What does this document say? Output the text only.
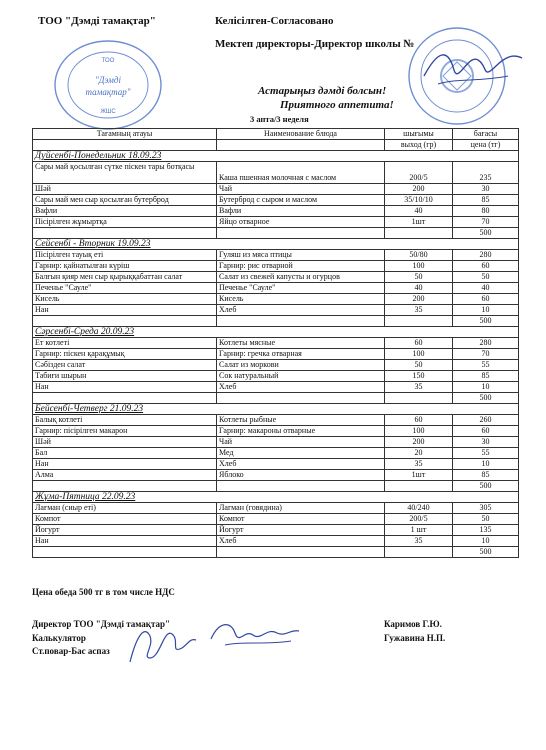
ТОО "Дэмді тамақтар"	Келісілген-Согласовано
Мектеп директоры-Директор школы №
Астарыңыз дәмді болсын!
Приятного аппетита!
3 апта/3 неделя
ТОО
"Дэмді
тамақтар"
ЖШС
Тағамның атауы	Наименование блюда	шығымы	бағасы
		выход (гр)	цена (тг)
Дүйсенбі-Понедельник 18.09.23			
Сары май қосылған сүтке піскен тары ботқасы	Каша пшенная молочная с маслом	200/5	235
Шәй	Чай	200	30
Сары май мен сыр қосылған бутерброд	Бутерброд с сыром и маслом	35/10/10	85
Вафли	Вафли	40	80
Пісірілген жұмыртқа	Яйцо отварное	1шт	70
			500
Сейсенбі - Вторник 19.09.23			
Пісірілген тауық еті	Гуляш из мяса птицы	50/80	280
Гарнир: қайнатылған күріш	Гарнир: рис отварной	100	60
Балғын қияр мен сыр қырыққабаттан салат	Салат из свежей капусты и огурцов	50	50
Печенье "Сауле"	Печенье "Сауле"	40	40
Кисель	Кисель	200	60
Нан	Хлеб	35	10
			500
Сәрсенбі-Среда 20.09.23			
Ет котлеті	Котлеты мясные	60	280
Гарнир: піскен қарақұмық	Гарнир: гречка отварная	100	70
Сәбізден салат	Салат из моркови	50	55
Табиғи шырын	Сок натуральный	150	85
Нан	Хлеб	35	10
			500
Бейсенбі-Четверг 21.09.23			
Балық котлеті	Котлеты рыбные	60	260
Гарнир: пісірілген макарон	Гарнир: макароны отварные	100	60
Шәй	Чай	200	30
Бал	Мед	20	55
Нан	Хлеб	35	10
Алма	Яблоко	1шт	85
			500
Жұма-Пятница 22.09.23			
Лағман (сиыр еті)	Лагман (говядина)	40/240	305
Компот	Компот	200/5	50
Йогурт	Йогурт	1 шт	135
Нан	Хлеб	35	10
			500
Цена обеда 500 тг в том числе НДС
Директор ТОО "Дэмді тамақтар"	Каримов Г.Ю.
Калькулятор	Гужавина Н.П.
Ст.повар-Бас аспаз
